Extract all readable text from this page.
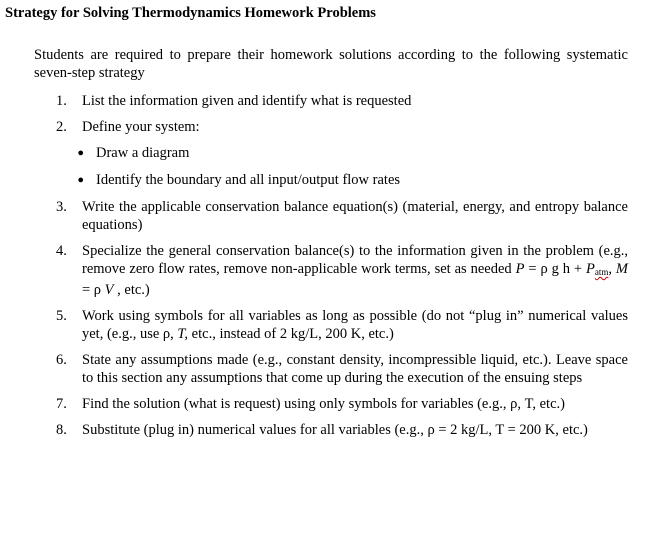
Strategy for Solving Thermodynamics Homework Problems
Students are required to prepare their homework solutions according to the following systematic seven-step strategy
1.	List the information given and identify what is requested
2.	Define your system:
● Draw a diagram
● Identify the boundary and all input/output flow rates
3.	Write the applicable conservation balance equation(s) (material, energy, and entropy balance equations)
4.	Specialize the general conservation balance(s) to the information given in the problem (e.g., remove zero flow rates, remove non-applicable work terms, set as needed P = ρ g $h + P_{atm}$, M = ρ V , etc.)
5.	Work using symbols for all variables as long as possible (do not “plug in” numerical values yet, (e.g., use ρ, T, etc., instead of 2 kg/L, 200 K, etc.)
6.	State any assumptions made (e.g., constant density, incompressible liquid, etc.). Leave space to this section any assumptions that come up during the execution of the ensuing steps
7.	Find the solution (what is request) using only symbols for variables (e.g., ρ, T, etc.)
8.	Substitute (plug in) numerical values for all variables (e.g., ρ = 2 kg/L, T = 200 K, etc.)
